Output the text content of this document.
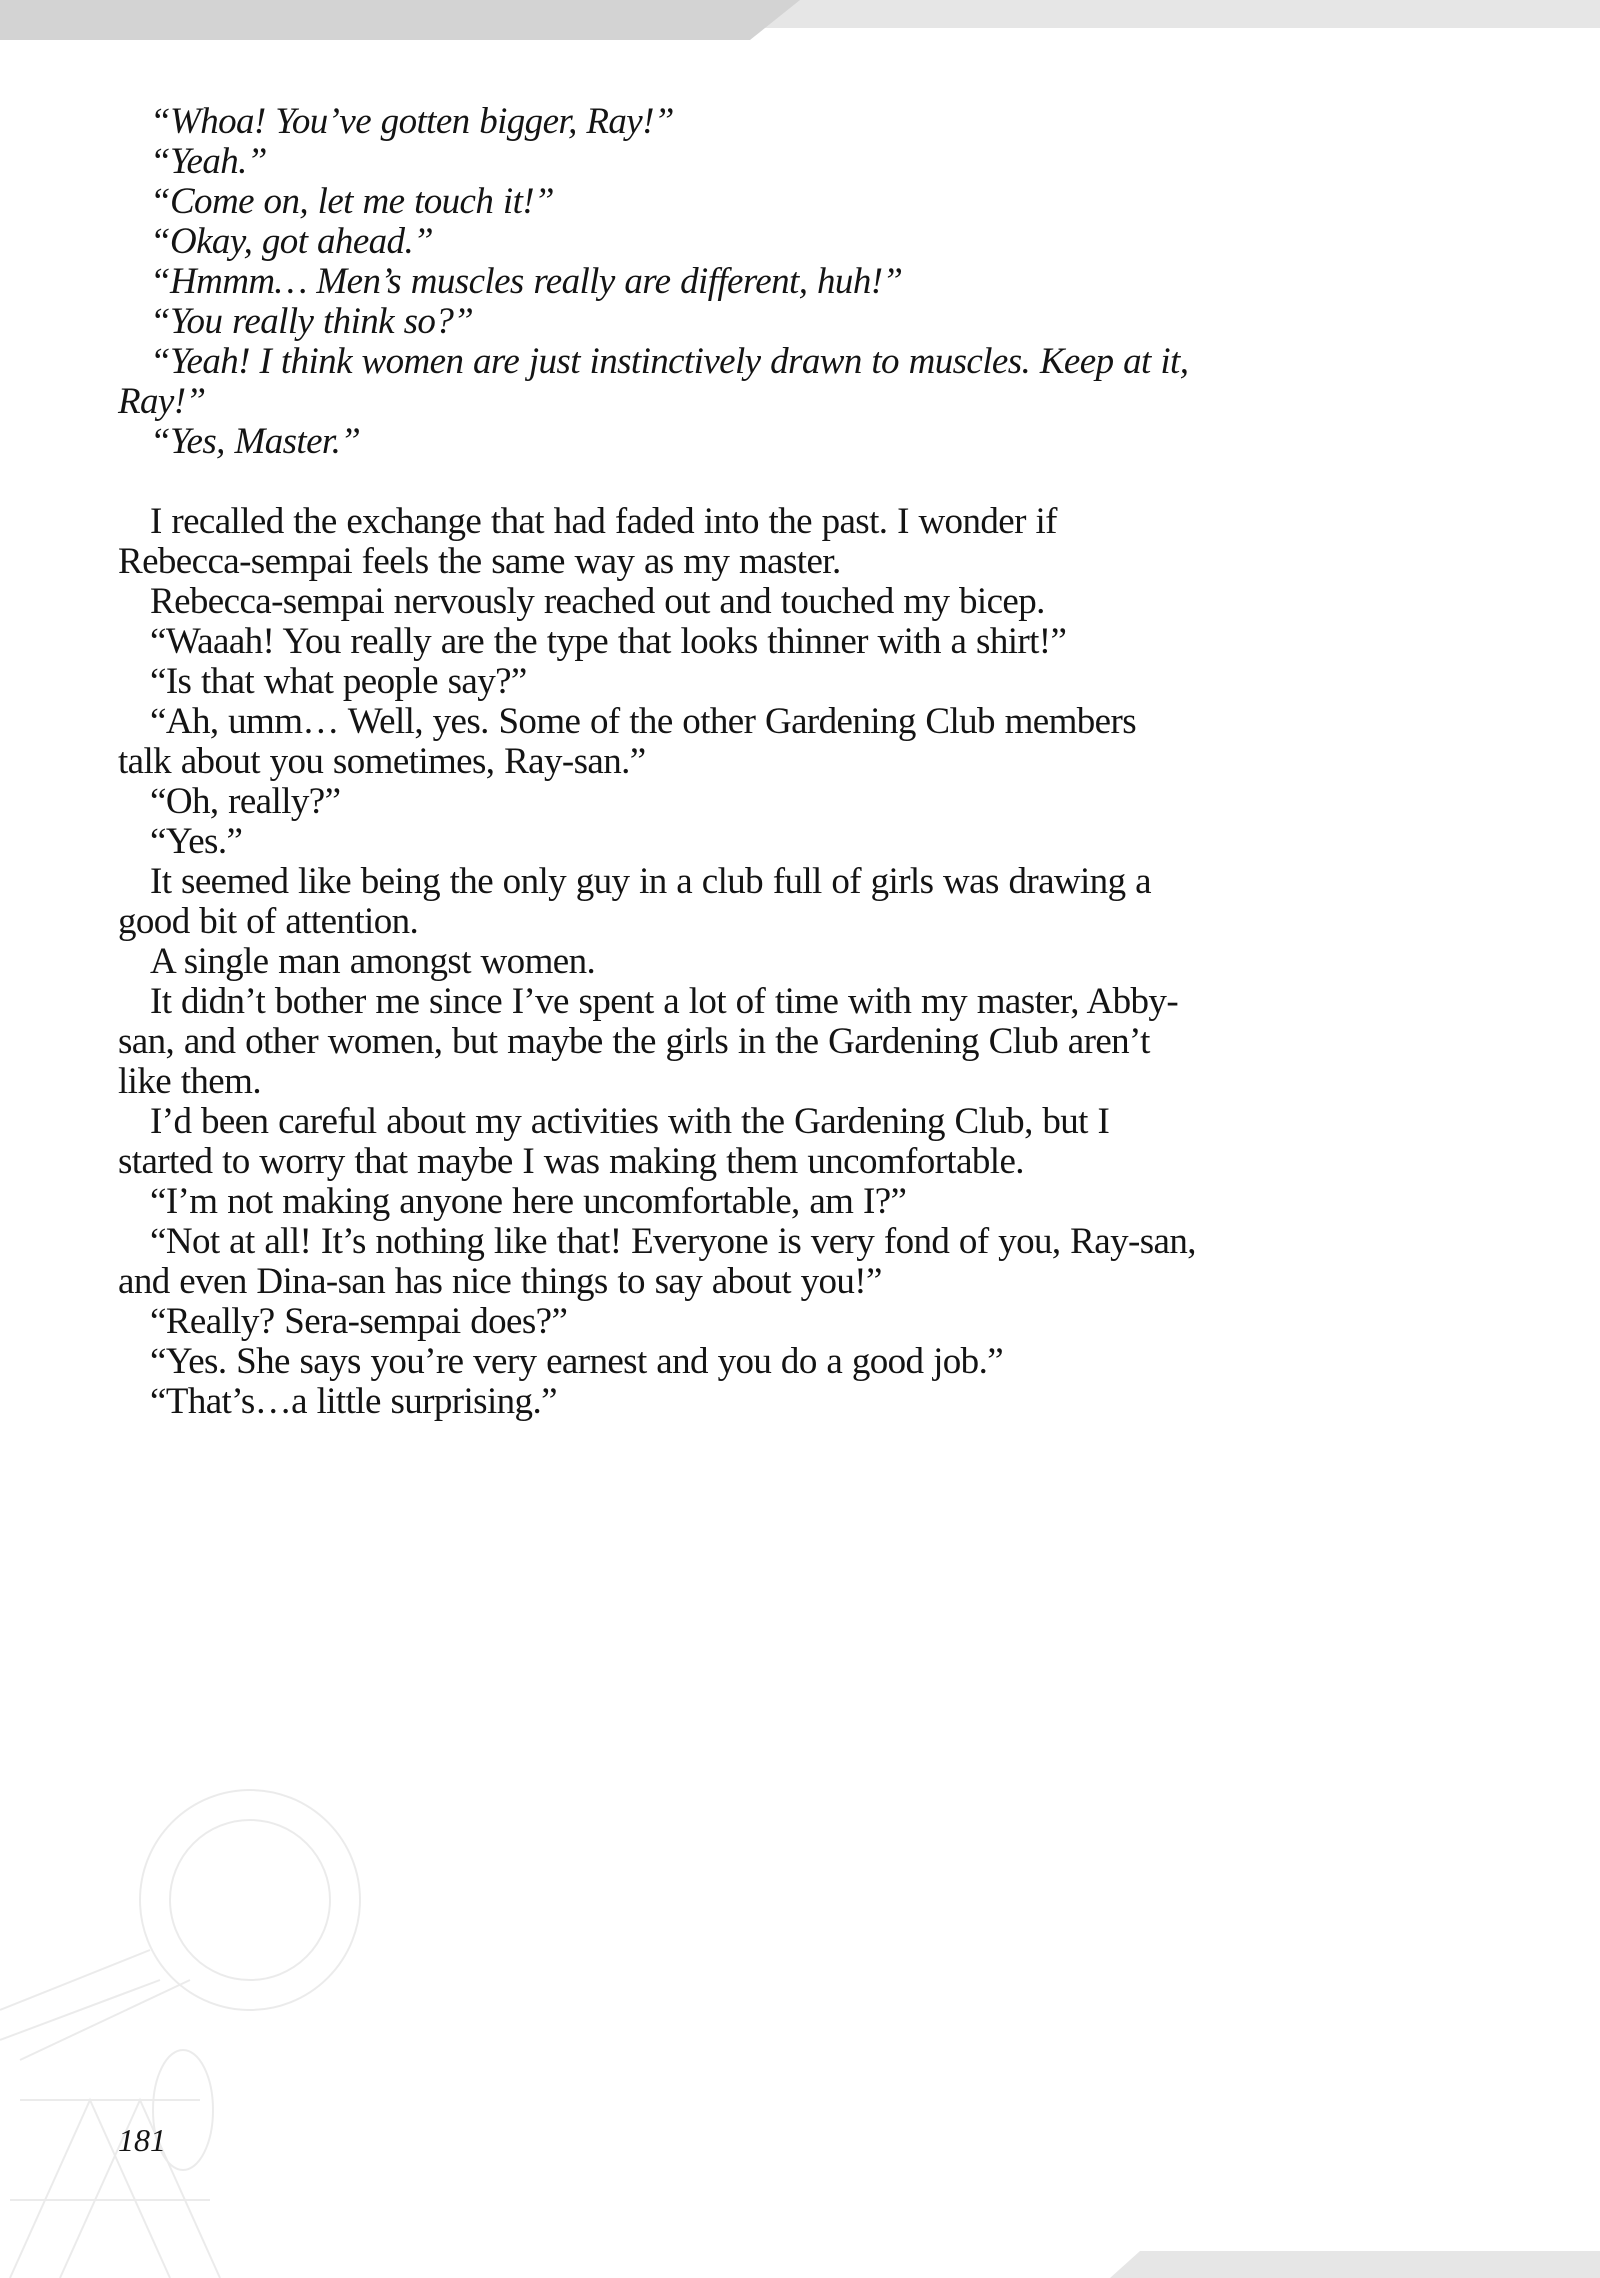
“Whoa! You’ve gotten bigger, Ray!”
“Yeah.”
“Come on, let me touch it!”
“Okay, got ahead.”
“Hmmm… Men’s muscles really are different, huh!”
“You really think so?”
“Yeah! I think women are just instinctively drawn to muscles. Keep at it,
Ray!”
“Yes, Master.”
I recalled the exchange that had faded into the past. I wonder if
Rebecca-sempai feels the same way as my master.
Rebecca-sempai nervously reached out and touched my bicep.
“Waaah! You really are the type that looks thinner with a shirt!”
“Is that what people say?”
“Ah, umm… Well, yes. Some of the other Gardening Club members
talk about you sometimes, Ray-san.”
“Oh, really?”
“Yes.”
It seemed like being the only guy in a club full of girls was drawing a
good bit of attention.
A single man amongst women.
It didn’t bother me since I’ve spent a lot of time with my master, Abby-
san, and other women, but maybe the girls in the Gardening Club aren’t
like them.
I’d been careful about my activities with the Gardening Club, but I
started to worry that maybe I was making them uncomfortable.
“I’m not making anyone here uncomfortable, am I?”
“Not at all! It’s nothing like that! Everyone is very fond of you, Ray-san,
and even Dina-san has nice things to say about you!”
“Really? Sera-sempai does?”
“Yes. She says you’re very earnest and you do a good job.”
“That’s…a little surprising.”
181
